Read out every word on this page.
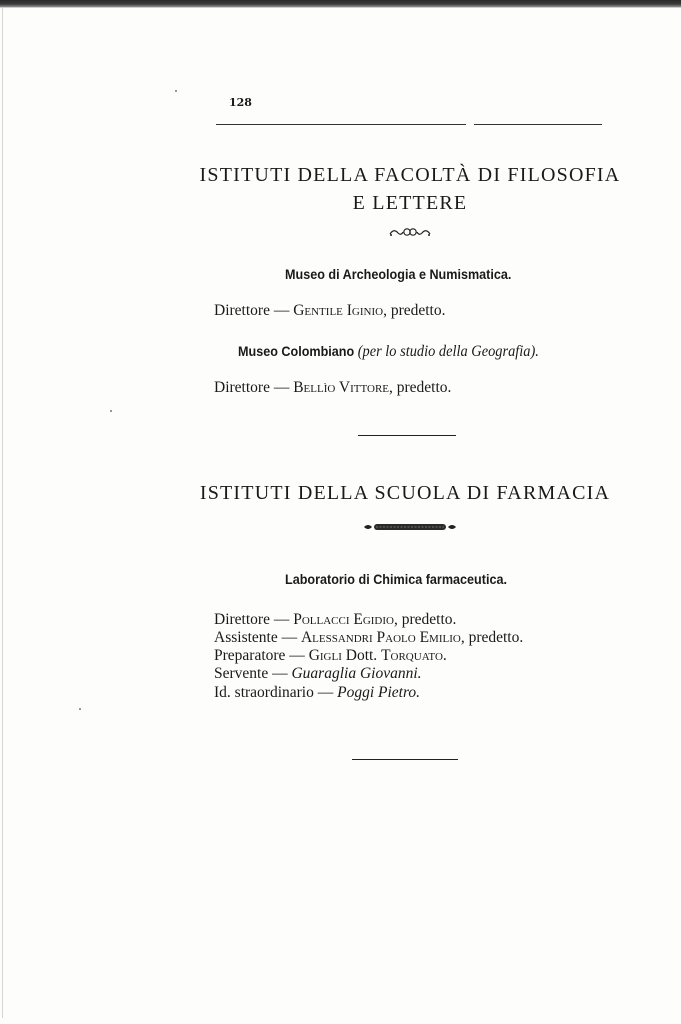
128
ISTITUTI DELLA FACOLTÀ DI FILOSOFIA
E LETTERE
Museo di Archeologia e Numismatica.
Direttore — Gentile Iginio, predetto.
Museo Colombiano (per lo studio della Geografia).
Direttore — Bellìo Vittore, predetto.
ISTITUTI DELLA SCUOLA DI FARMACIA
Laboratorio di Chimica farmaceutica.
Direttore — Pollacci Egidio, predetto.
Assistente — Alessandri Paolo Emilio, predetto.
Preparatore — Gigli Dott. Torquato.
Servente — Guaraglia Giovanni.
Id. straordinario — Poggi Pietro.
